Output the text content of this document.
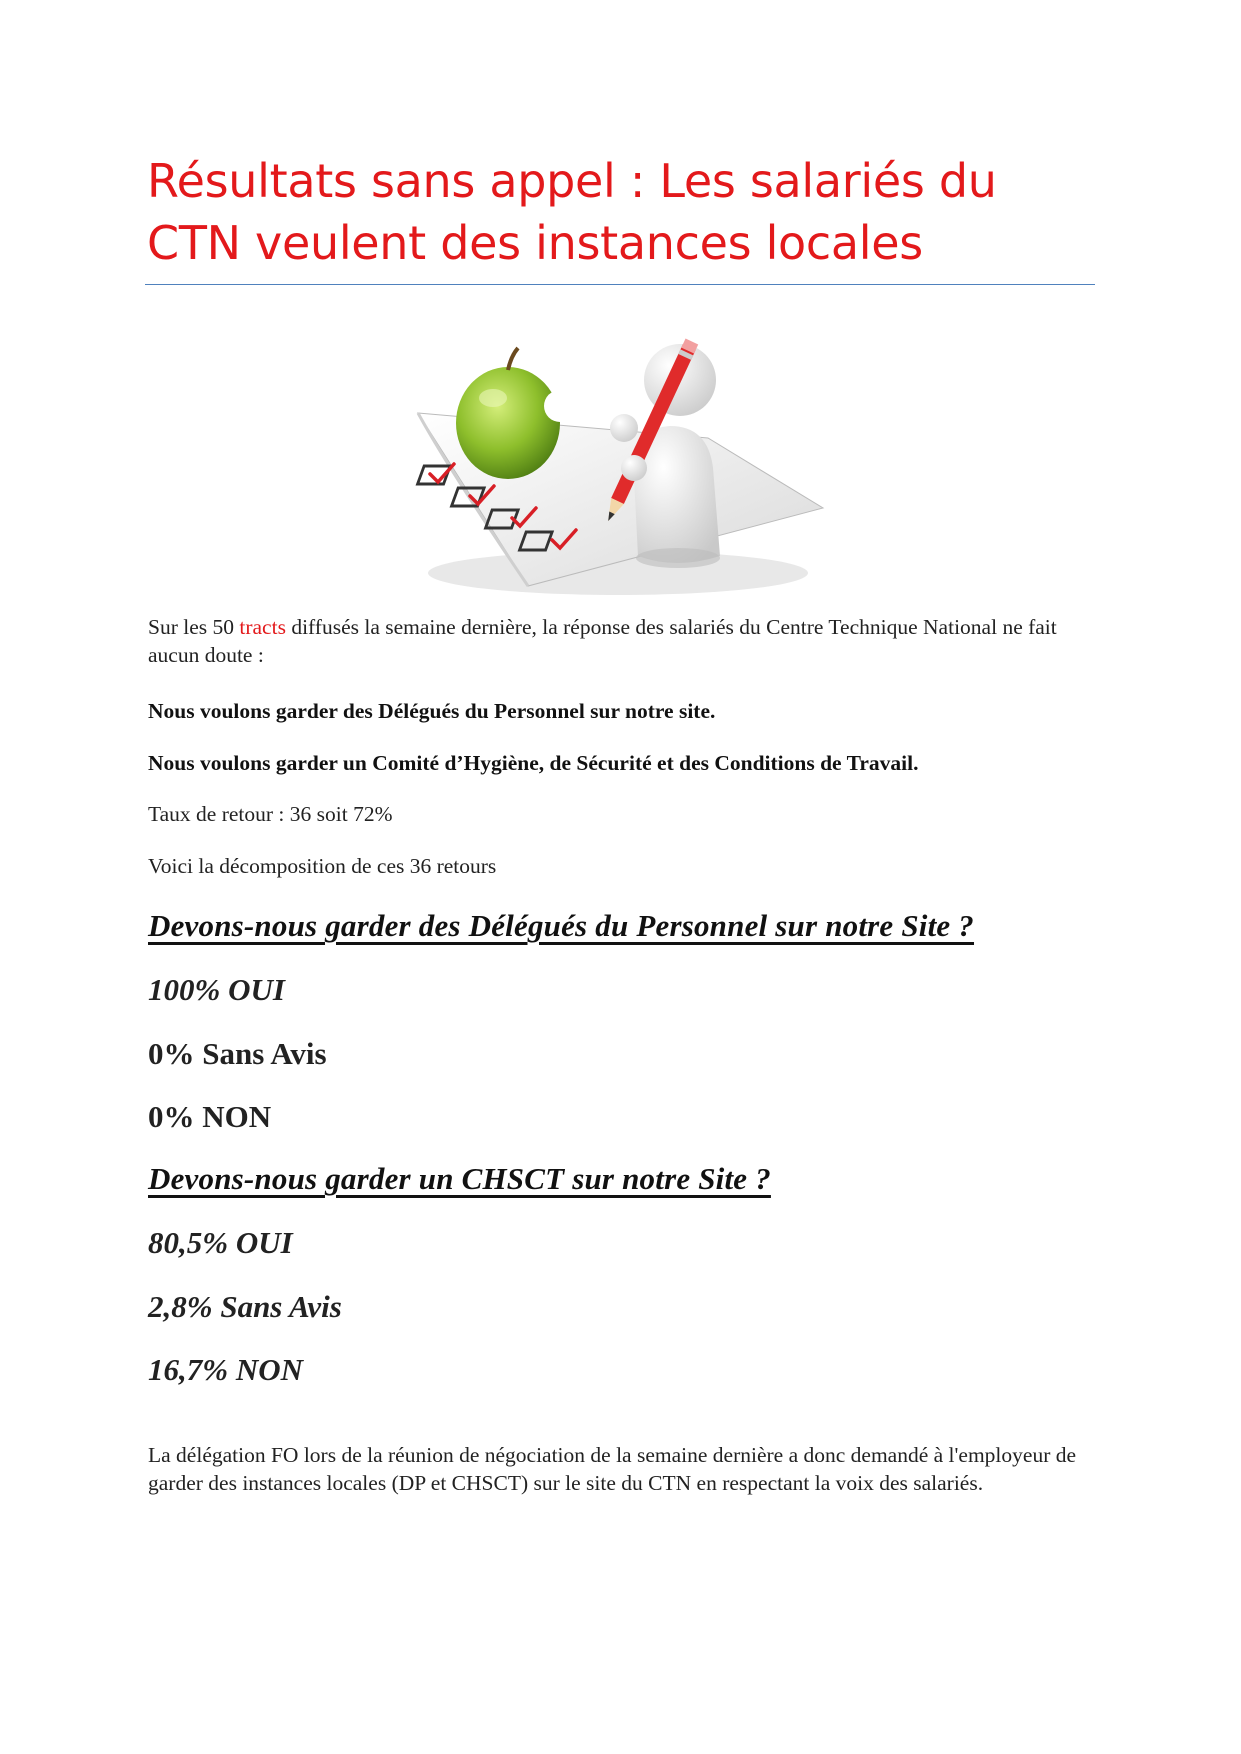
Résultats sans appel : Les salariés du CTN veulent des instances locales

Sur les 50 tracts diffusés la semaine dernière, la réponse des salariés du Centre Technique National ne fait aucun doute :

Nous voulons garder des Délégués du Personnel sur notre site.

Nous voulons garder un Comité d’Hygiène, de Sécurité et des Conditions de Travail.

Taux de retour : 36 soit 72%

Voici la décomposition de ces 36 retours

Devons-nous garder des Délégués du Personnel sur notre Site ?

100% OUI

0% Sans Avis

0% NON

Devons-nous garder un CHSCT sur notre Site ?

80,5% OUI

2,8% Sans Avis

16,7% NON

La délégation FO lors de la réunion de négociation de la semaine dernière a donc demandé à l'employeur de garder des instances locales (DP et CHSCT) sur le site du CTN en respectant la voix des salariés.
